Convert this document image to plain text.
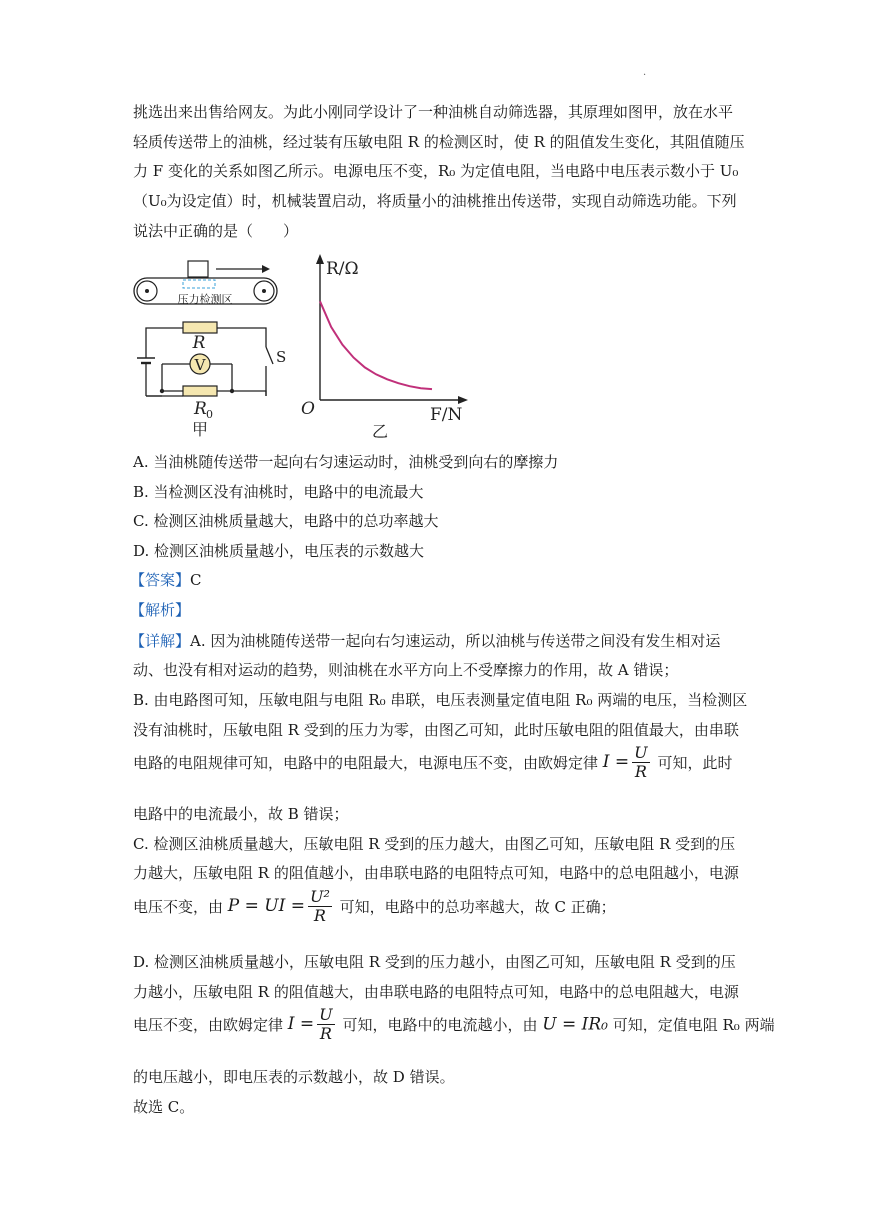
·
挑选出来出售给网友。为此小刚同学设计了一种油桃自动筛选器，其原理如图甲，放在水平
轻质传送带上的油桃，经过装有压敏电阻 R 的检测区时，使 R 的阻值发生变化，其阻值随压
力 F 变化的关系如图乙所示。电源电压不变，R₀ 为定值电阻，当电路中电压表示数小于 U₀
（U₀为设定值）时，机械装置启动，将质量小的油桃推出传送带，实现自动筛选功能。下列
说法中正确的是（　　）
压力检测区
R
S
V
R 0
甲
R/Ω
F/N
O
乙
A. 当油桃随传送带一起向右匀速运动时，油桃受到向右的摩擦力
B. 当检测区没有油桃时，电路中的电流最大
C. 检测区油桃质量越大，电路中的总功率越大
D. 检测区油桃质量越小，电压表的示数越大
【答案】C
【解析】
【详解】A. 因为油桃随传送带一起向右匀速运动，所以油桃与传送带之间没有发生相对运
动、也没有相对运动的趋势，则油桃在水平方向上不受摩擦力的作用，故 A 错误；
B. 由电路图可知，压敏电阻与电阻 R₀ 串联，电压表测量定值电阻 R₀ 两端的电压，当检测区
没有油桃时，压敏电阻 R 受到的压力为零，由图乙可知，此时压敏电阻的阻值最大，由串联
电路的电阻规律可知，电路中的电阻最大，电源电压不变，由欧姆定律 $I = \frac{U}{R}$ 可知，此时
电路中的电流最小，故 B 错误；
C. 检测区油桃质量越大，压敏电阻 R 受到的压力越大，由图乙可知，压敏电阻 R 受到的压
力越大，压敏电阻 R 的阻值越小，由串联电路的电阻特点可知，电路中的总电阻越小，电源
电压不变，由 P = UI = $\frac{\text{U²}}{R}$ 可知，电路中的总功率越大，故 C 正确；
D. 检测区油桃质量越小，压敏电阻 R 受到的压力越小，由图乙可知，压敏电阻 R 受到的压
力越小，压敏电阻 R 的阻值越大，由串联电路的电阻特点可知，电路中的总电阻越大，电源
电压不变，由欧姆定律 $I = \frac{U}{R}$ 可知，电路中的电流越小，由 U = IR₀ 可知，定值电阻 R₀ 两端
的电压越小，即电压表的示数越小，故 D 错误。
故选 C。
